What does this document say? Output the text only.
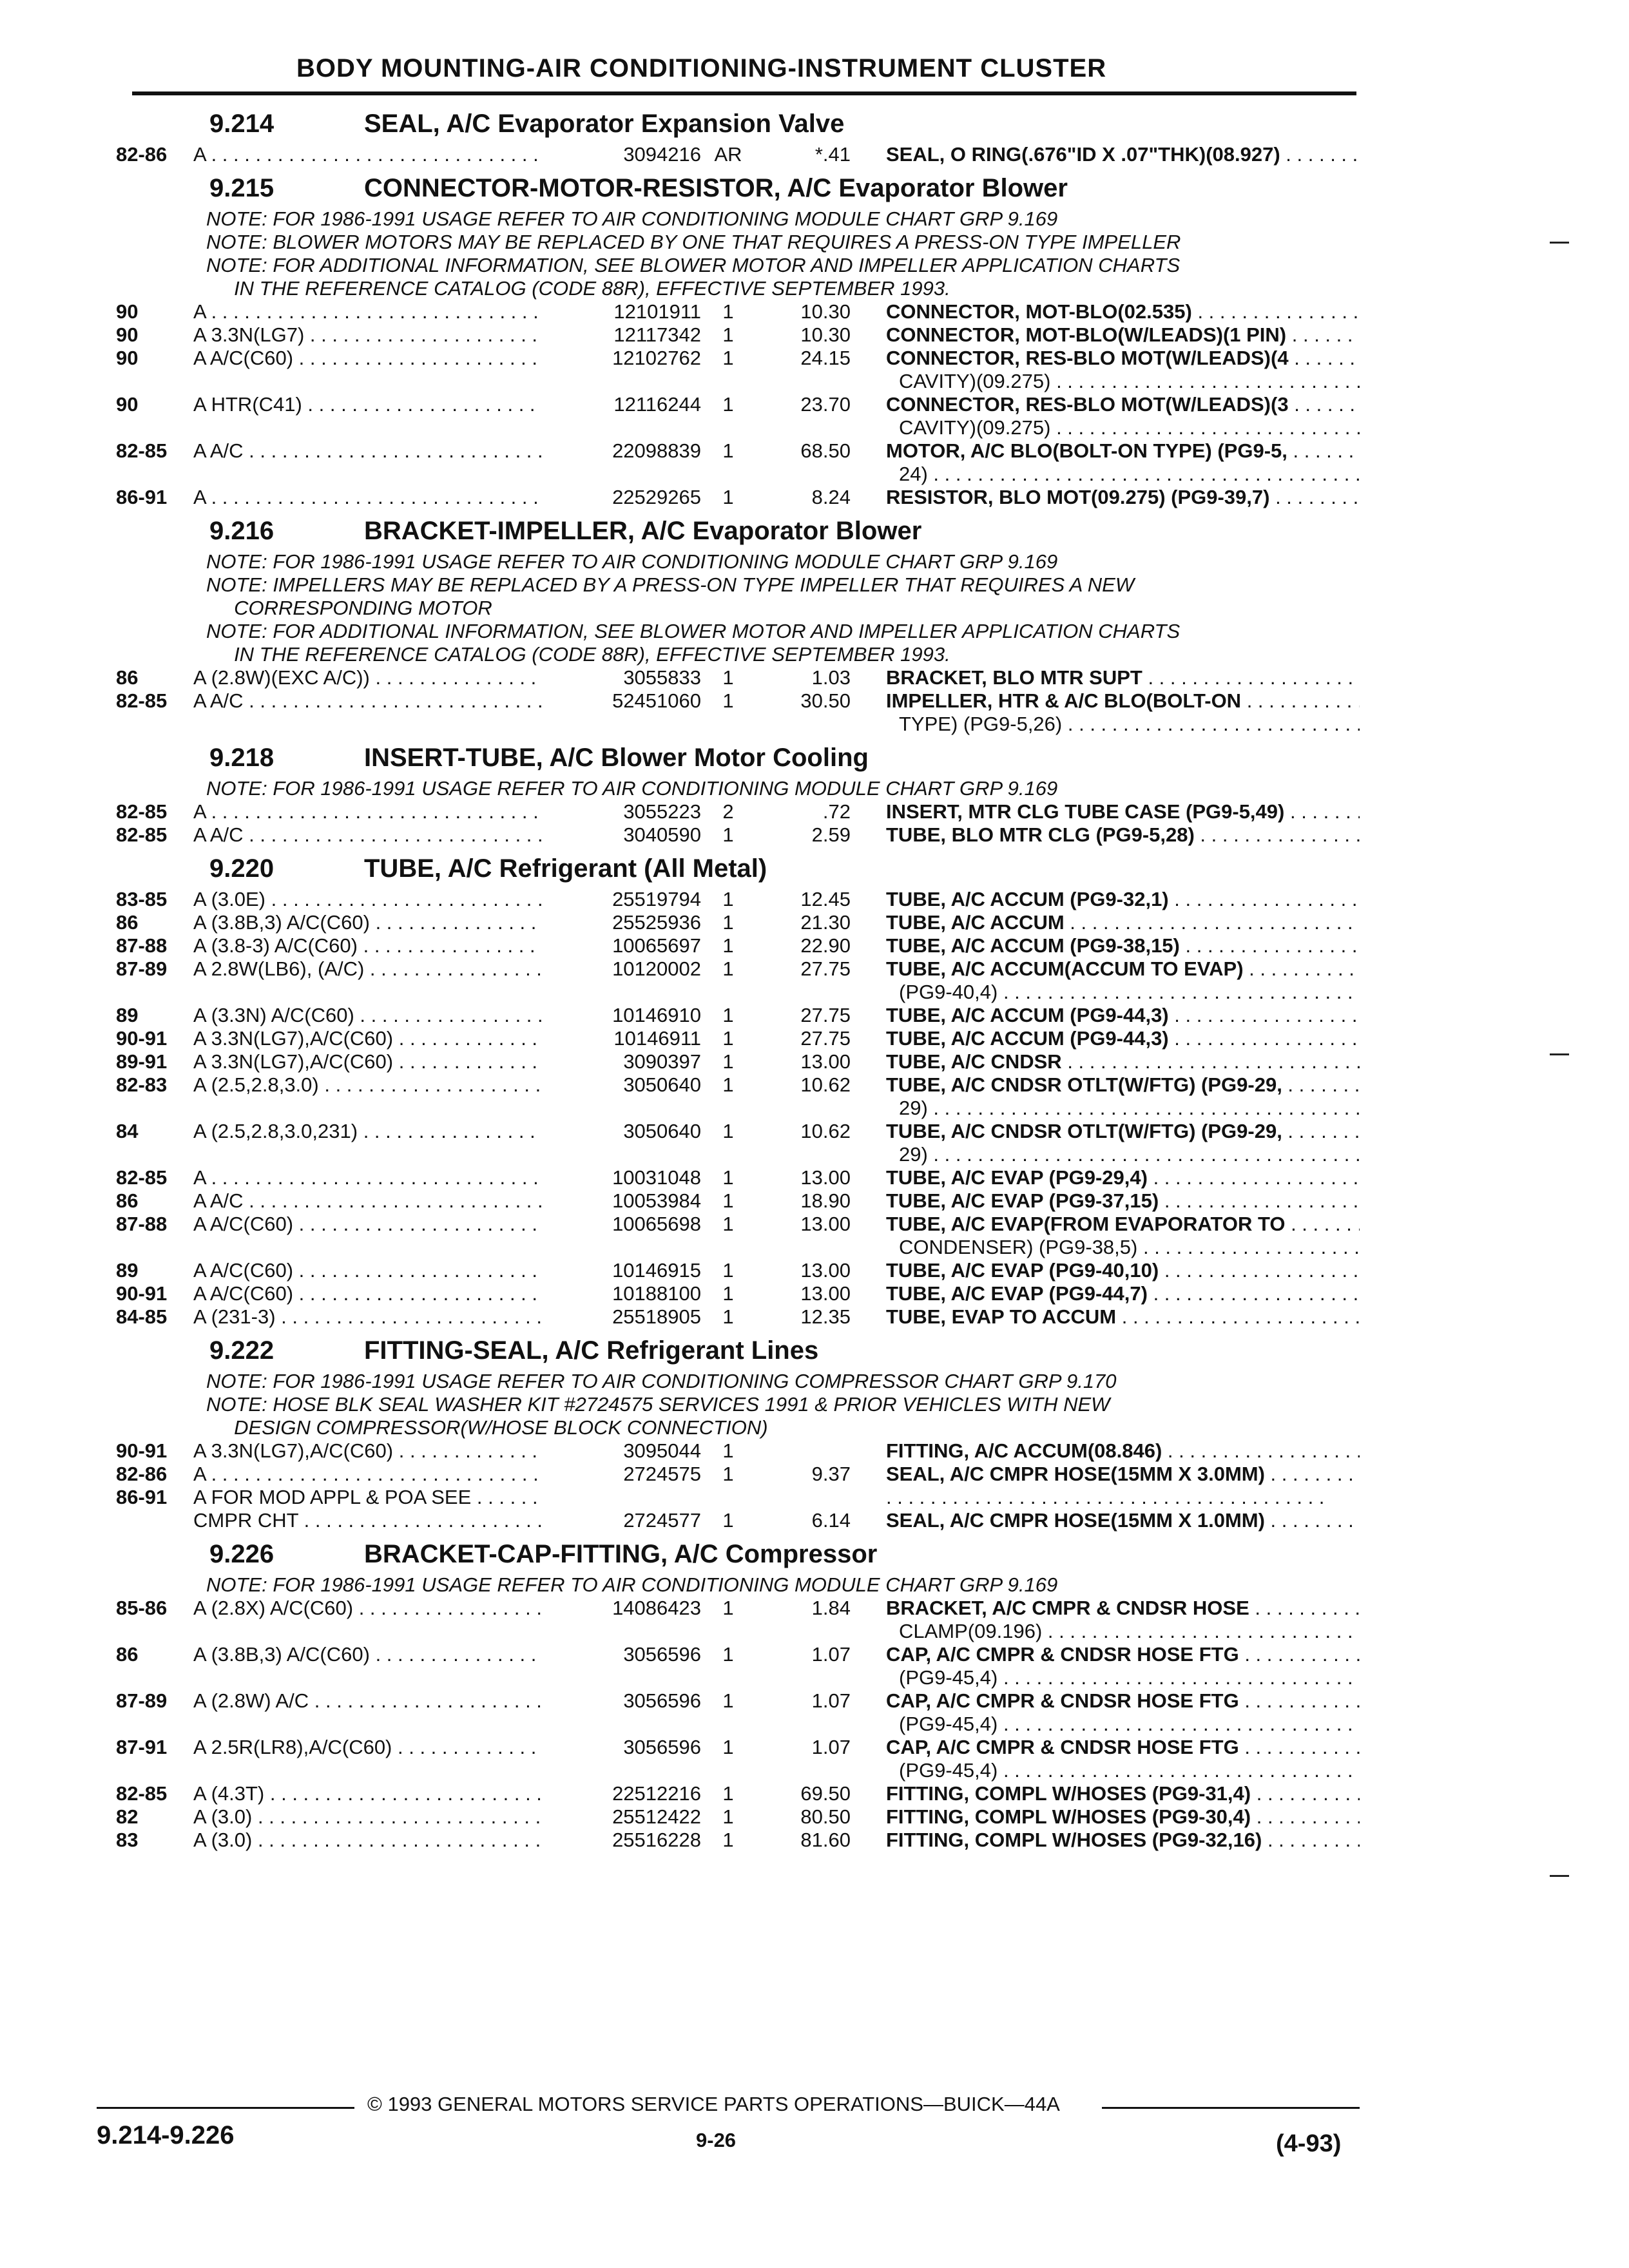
BODY MOUNTING-AIR CONDITIONING-INSTRUMENT CLUSTER
9.214	SEAL, A/C Evaporator Expansion Valve
82-86 A . . .	3094216 AR	*.41 SEAL, O RING(.676"ID X .07"THK)(08.927) . . .
9.215	CONNECTOR-MOTOR-RESISTOR, A/C Evaporator Blower
NOTE: FOR 1986-1991 USAGE REFER TO AIR CONDITIONING MODULE CHART GRP 9.169
NOTE: BLOWER MOTORS MAY BE REPLACED BY ONE THAT REQUIRES A PRESS-ON TYPE IMPELLER
NOTE: FOR ADDITIONAL INFORMATION, SEE BLOWER MOTOR AND IMPELLER APPLICATION CHARTS
IN THE REFERENCE CATALOG (CODE 88R), EFFECTIVE SEPTEMBER 1993.
90	A . . .	12101911	1	10.30 CONNECTOR, MOT-BLO(02.535) . . .
90	A 3.3N(LG7) . . .	12117342	1	10.30 CONNECTOR, MOT-BLO(W/LEADS)(1 PIN) . . .
90	A A/C(C60) . . .	12102762	1	24.15 CONNECTOR, RES-BLO MOT(W/LEADS)(4 . . .
CAVITY)(09.275) . . .
90	A HTR(C41) . . .	12116244	1	23.70 CONNECTOR, RES-BLO MOT(W/LEADS)(3 . . .
CAVITY)(09.275) . . .
82-85 A A/C . . .	22098839	1	68.50 MOTOR, A/C BLO(BOLT-ON TYPE) (PG9-5, . . .
24) . . .
86-91 A . . .	22529265	1	8.24 RESISTOR, BLO MOT(09.275) (PG9-39,7) . . .
9.216	BRACKET-IMPELLER, A/C Evaporator Blower
NOTE: FOR 1986-1991 USAGE REFER TO AIR CONDITIONING MODULE CHART GRP 9.169
NOTE: IMPELLERS MAY BE REPLACED BY A PRESS-ON TYPE IMPELLER THAT REQUIRES A NEW
CORRESPONDING MOTOR
NOTE: FOR ADDITIONAL INFORMATION, SEE BLOWER MOTOR AND IMPELLER APPLICATION CHARTS
IN THE REFERENCE CATALOG (CODE 88R), EFFECTIVE SEPTEMBER 1993.
86	A (2.8W)(EXC A/C)) . . .	3055833	1	1.03 BRACKET, BLO MTR SUPT . . .
82-85 A A/C . . .	52451060	1	30.50 IMPELLER, HTR & A/C BLO(BOLT-ON . . .
TYPE) (PG9-5,26) . . .
9.218	INSERT-TUBE, A/C Blower Motor Cooling
NOTE: FOR 1986-1991 USAGE REFER TO AIR CONDITIONING MODULE CHART GRP 9.169
82-85 A . . .	3055223	2	.72 INSERT, MTR CLG TUBE CASE (PG9-5,49) . . .
82-85 A A/C . . .	3040590	1	2.59 TUBE, BLO MTR CLG (PG9-5,28) . . .
9.220	TUBE, A/C Refrigerant (All Metal)
83-85 A (3.0E) . . .	25519794	1	12.45 TUBE, A/C ACCUM (PG9-32,1) . . .
86	A (3.8B,3) A/C(C60) . . .	25525936	1	21.30 TUBE, A/C ACCUM . . .
87-88 A (3.8-3) A/C(C60) . . .	10065697	1	22.90 TUBE, A/C ACCUM (PG9-38,15) . . .
87-89 A 2.8W(LB6), (A/C) . . .	10120002	1	27.75 TUBE, A/C ACCUM(ACCUM TO EVAP) . . .
(PG9-40,4) . . .
89	A (3.3N) A/C(C60) . . .	10146910	1	27.75 TUBE, A/C ACCUM (PG9-44,3) . . .
90-91 A 3.3N(LG7),A/C(C60) . . .	10146911	1	27.75 TUBE, A/C ACCUM (PG9-44,3) . . .
89-91 A 3.3N(LG7),A/C(C60) . . .	3090397	1	13.00 TUBE, A/C CNDSR . . .
82-83 A (2.5,2.8,3.0) . . .	3050640	1	10.62 TUBE, A/C CNDSR OTLT(W/FTG) (PG9-29, . . .
29) . . .
84	A (2.5,2.8,3.0,231) . . .	3050640	1	10.62 TUBE, A/C CNDSR OTLT(W/FTG) (PG9-29, . . .
29) . . .
82-85 A . . .	10031048	1	13.00 TUBE, A/C EVAP (PG9-29,4) . . .
86	A A/C . . .	10053984	1	18.90 TUBE, A/C EVAP (PG9-37,15) . . .
87-88 A A/C(C60) . . .	10065698	1	13.00 TUBE, A/C EVAP(FROM EVAPORATOR TO . . .
CONDENSER) (PG9-38,5) . . .
89	A A/C(C60) . . .	10146915	1	13.00 TUBE, A/C EVAP (PG9-40,10) . . .
90-91 A A/C(C60) . . .	10188100	1	13.00 TUBE, A/C EVAP (PG9-44,7) . . .
84-85 A (231-3) . . .	25518905	1	12.35 TUBE, EVAP TO ACCUM . . .
9.222	FITTING-SEAL, A/C Refrigerant Lines
NOTE: FOR 1986-1991 USAGE REFER TO AIR CONDITIONING COMPRESSOR CHART GRP 9.170
NOTE: HOSE BLK SEAL WASHER KIT #2724575 SERVICES 1991 & PRIOR VEHICLES WITH NEW
DESIGN COMPRESSOR(W/HOSE BLOCK CONNECTION)
90-91 A 3.3N(LG7),A/C(C60) . . .	3095044	1	FITTING, A/C ACCUM(08.846) . . .
82-86 A . . .	2724575	1	9.37 SEAL, A/C CMPR HOSE(15MM X 3.0MM) . . .
86-91 A FOR MOD APPL & POA SEE . . .
. . .
CMPR CHT . . .	2724577	1	6.14 SEAL, A/C CMPR HOSE(15MM X 1.0MM) . . .
9.226	BRACKET-CAP-FITTING, A/C Compressor
NOTE: FOR 1986-1991 USAGE REFER TO AIR CONDITIONING MODULE CHART GRP 9.169
85-86 A (2.8X) A/C(C60) . . .	14086423	1	1.84 BRACKET, A/C CMPR & CNDSR HOSE . . .
CLAMP(09.196) . . .
86	A (3.8B,3) A/C(C60) . . .	3056596	1	1.07 CAP, A/C CMPR & CNDSR HOSE FTG . . .
(PG9-45,4) . . .
87-89 A (2.8W) A/C . . .	3056596	1	1.07 CAP, A/C CMPR & CNDSR HOSE FTG . . .
(PG9-45,4) . . .
87-91 A 2.5R(LR8),A/C(C60) . . .	3056596	1	1.07 CAP, A/C CMPR & CNDSR HOSE FTG . . .
(PG9-45,4) . . .
82-85 A (4.3T) . . .	22512216	1	69.50 FITTING, COMPL W/HOSES (PG9-31,4) . . .
82	A (3.0) . . .	25512422	1	80.50 FITTING, COMPL W/HOSES (PG9-30,4) . . .
83	A (3.0) . . .	25516228	1	81.60 FITTING, COMPL W/HOSES (PG9-32,16) . . .
© 1993 GENERAL MOTORS SERVICE PARTS OPERATIONS—BUICK—44A
9.214-9.226	9-26	(4-93)
